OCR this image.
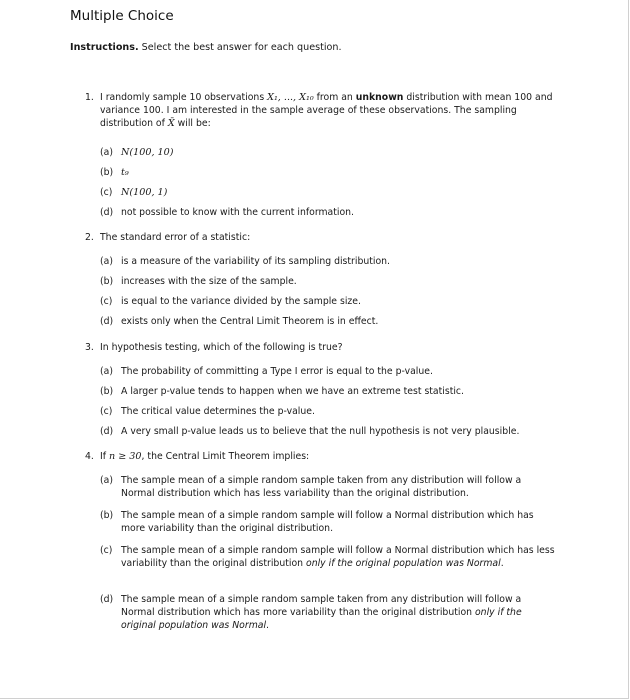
Multiple Choice
Instructions. Select the best answer for each question.
1. I randomly sample 10 observations X₁, ..., X₁₀ from an unknown distribution with mean 100 and variance 100. I am interested in the sample average of these observations. The sampling distribution of X̄ will be:
(a) N(100, 10)
(b) t₉
(c) N(100, 1)
(d) not possible to know with the current information.
2. The standard error of a statistic:
(a) is a measure of the variability of its sampling distribution.
(b) increases with the size of the sample.
(c) is equal to the variance divided by the sample size.
(d) exists only when the Central Limit Theorem is in effect.
3. In hypothesis testing, which of the following is true?
(a) The probability of committing a Type I error is equal to the p-value.
(b) A larger p-value tends to happen when we have an extreme test statistic.
(c) The critical value determines the p-value.
(d) A very small p-value leads us to believe that the null hypothesis is not very plausible.
4. If n ≥ 30, the Central Limit Theorem implies:
(a) The sample mean of a simple random sample taken from any distribution will follow a Normal distribution which has less variability than the original distribution.
(b) The sample mean of a simple random sample will follow a Normal distribution which has more variability than the original distribution.
(c) The sample mean of a simple random sample will follow a Normal distribution which has less variability than the original distribution only if the original population was Normal.
(d) The sample mean of a simple random sample taken from any distribution will follow a Normal distribution which has more variability than the original distribution only if the original population was Normal.
